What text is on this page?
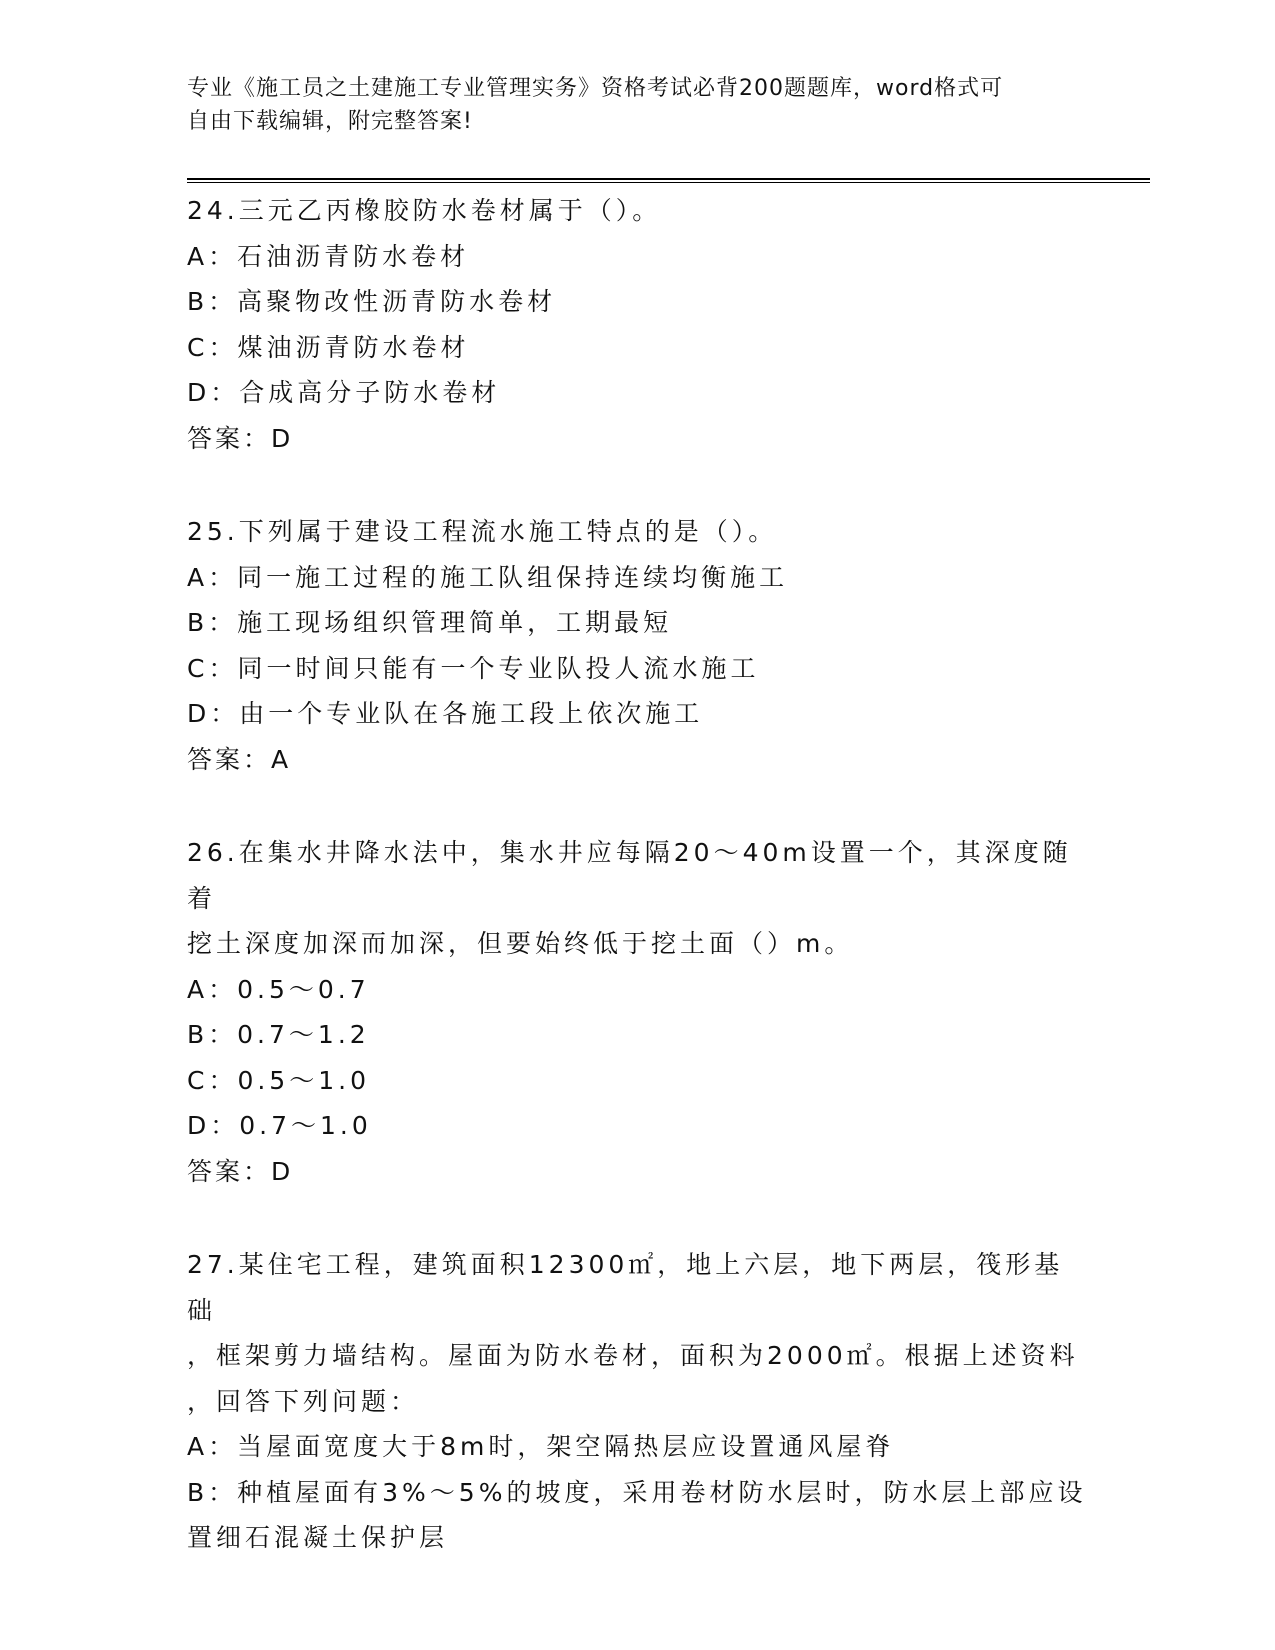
专业《施工员之土建施工专业管理实务》资格考试必背200题题库，word格式可
自由下载编辑，附完整答案!
24.三元乙丙橡胶防水卷材属于（）。
A：石油沥青防水卷材
B：高聚物改性沥青防水卷材
C：煤油沥青防水卷材
D：合成高分子防水卷材
答案：D
25.下列属于建设工程流水施工特点的是（）。
A：同一施工过程的施工队组保持连续均衡施工
B：施工现场组织管理简单，工期最短
C：同一时间只能有一个专业队投人流水施工
D：由一个专业队在各施工段上依次施工
答案：A
26.在集水井降水法中，集水井应每隔20～40m设置一个，其深度随着
挖土深度加深而加深，但要始终低于挖土面（）m。
A：0.5～0.7
B：0.7～1.2
C：0.5～1.0
D：0.7～1.0
答案：D
27.某住宅工程，建筑面积12300㎡，地上六层，地下两层，筏形基础
，框架剪力墙结构。屋面为防水卷材，面积为2000㎡。根据上述资料
，回答下列问题：
A：当屋面宽度大于8m时，架空隔热层应设置通风屋脊
B：种植屋面有3%～5%的坡度，采用卷材防水层时，防水层上部应设
置细石混凝土保护层
